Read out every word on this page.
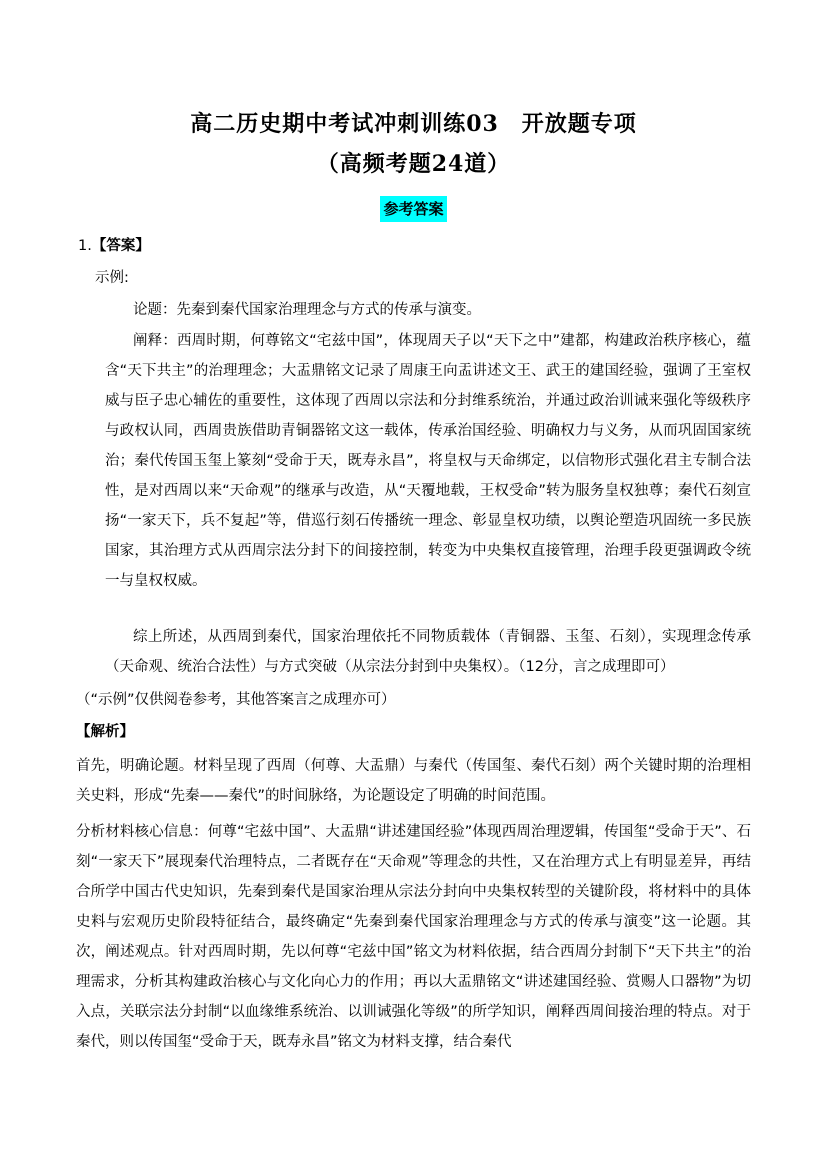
高二历史期中考试冲刺训练03　开放题专项
（高频考题24道）
参考答案
1.【答案】
示例:
论题：先秦到秦代国家治理理念与方式的传承与演变。
阐释：西周时期，何尊铭文“宅兹中国”，体现周天子以“天下之中”建都，构建政治秩序核心，蕴含“天下共主”的治理理念；大盂鼎铭文记录了周康王向盂讲述文王、武王的建国经验，强调了王室权威与臣子忠心辅佐的重要性，这体现了西周以宗法和分封维系统治，并通过政治训诫来强化等级秩序与政权认同，西周贵族借助青铜器铭文这一载体，传承治国经验、明确权力与义务，从而巩固国家统治；秦代传国玉玺上篆刻“受命于天，既寿永昌”，将皇权与天命绑定，以信物形式强化君主专制合法性，是对西周以来“天命观”的继承与改造，从“天覆地载，王权受命”转为服务皇权独尊；秦代石刻宣扬“一家天下，兵不复起”等，借巡行刻石传播统一理念、彰显皇权功绩，以舆论塑造巩固统一多民族国家，其治理方式从西周宗法分封下的间接控制，转变为中央集权直接管理，治理手段更强调政令统一与皇权权威。
综上所述，从西周到秦代，国家治理依托不同物质载体（青铜器、玉玺、石刻），实现理念传承（天命观、统治合法性）与方式突破（从宗法分封到中央集权）。（12分，言之成理即可）
（“示例”仅供阅卷参考，其他答案言之成理亦可）
【解析】
首先，明确论题。材料呈现了西周（何尊、大盂鼎）与秦代（传国玺、秦代石刻）两个关键时期的治理相关史料，形成“先秦——秦代”的时间脉络，为论题设定了明确的时间范围。
分析材料核心信息：何尊“宅兹中国”、大盂鼎“讲述建国经验”体现西周治理逻辑，传国玺“受命于天”、石刻“一家天下”展现秦代治理特点，二者既存在“天命观”等理念的共性，又在治理方式上有明显差异，再结合所学中国古代史知识，先秦到秦代是国家治理从宗法分封向中央集权转型的关键阶段，将材料中的具体史料与宏观历史阶段特征结合，最终确定“先秦到秦代国家治理理念与方式的传承与演变”这一论题。其次，阐述观点。针对西周时期，先以何尊“宅兹中国”铭文为材料依据，结合西周分封制下“天下共主”的治理需求，分析其构建政治核心与文化向心力的作用；再以大盂鼎铭文“讲述建国经验、赏赐人口器物”为切入点，关联宗法分封制“以血缘维系统治、以训诫强化等级”的所学知识，阐释西周间接治理的特点。对于秦代，则以传国玺“受命于天，既寿永昌”铭文为材料支撑，结合秦代
